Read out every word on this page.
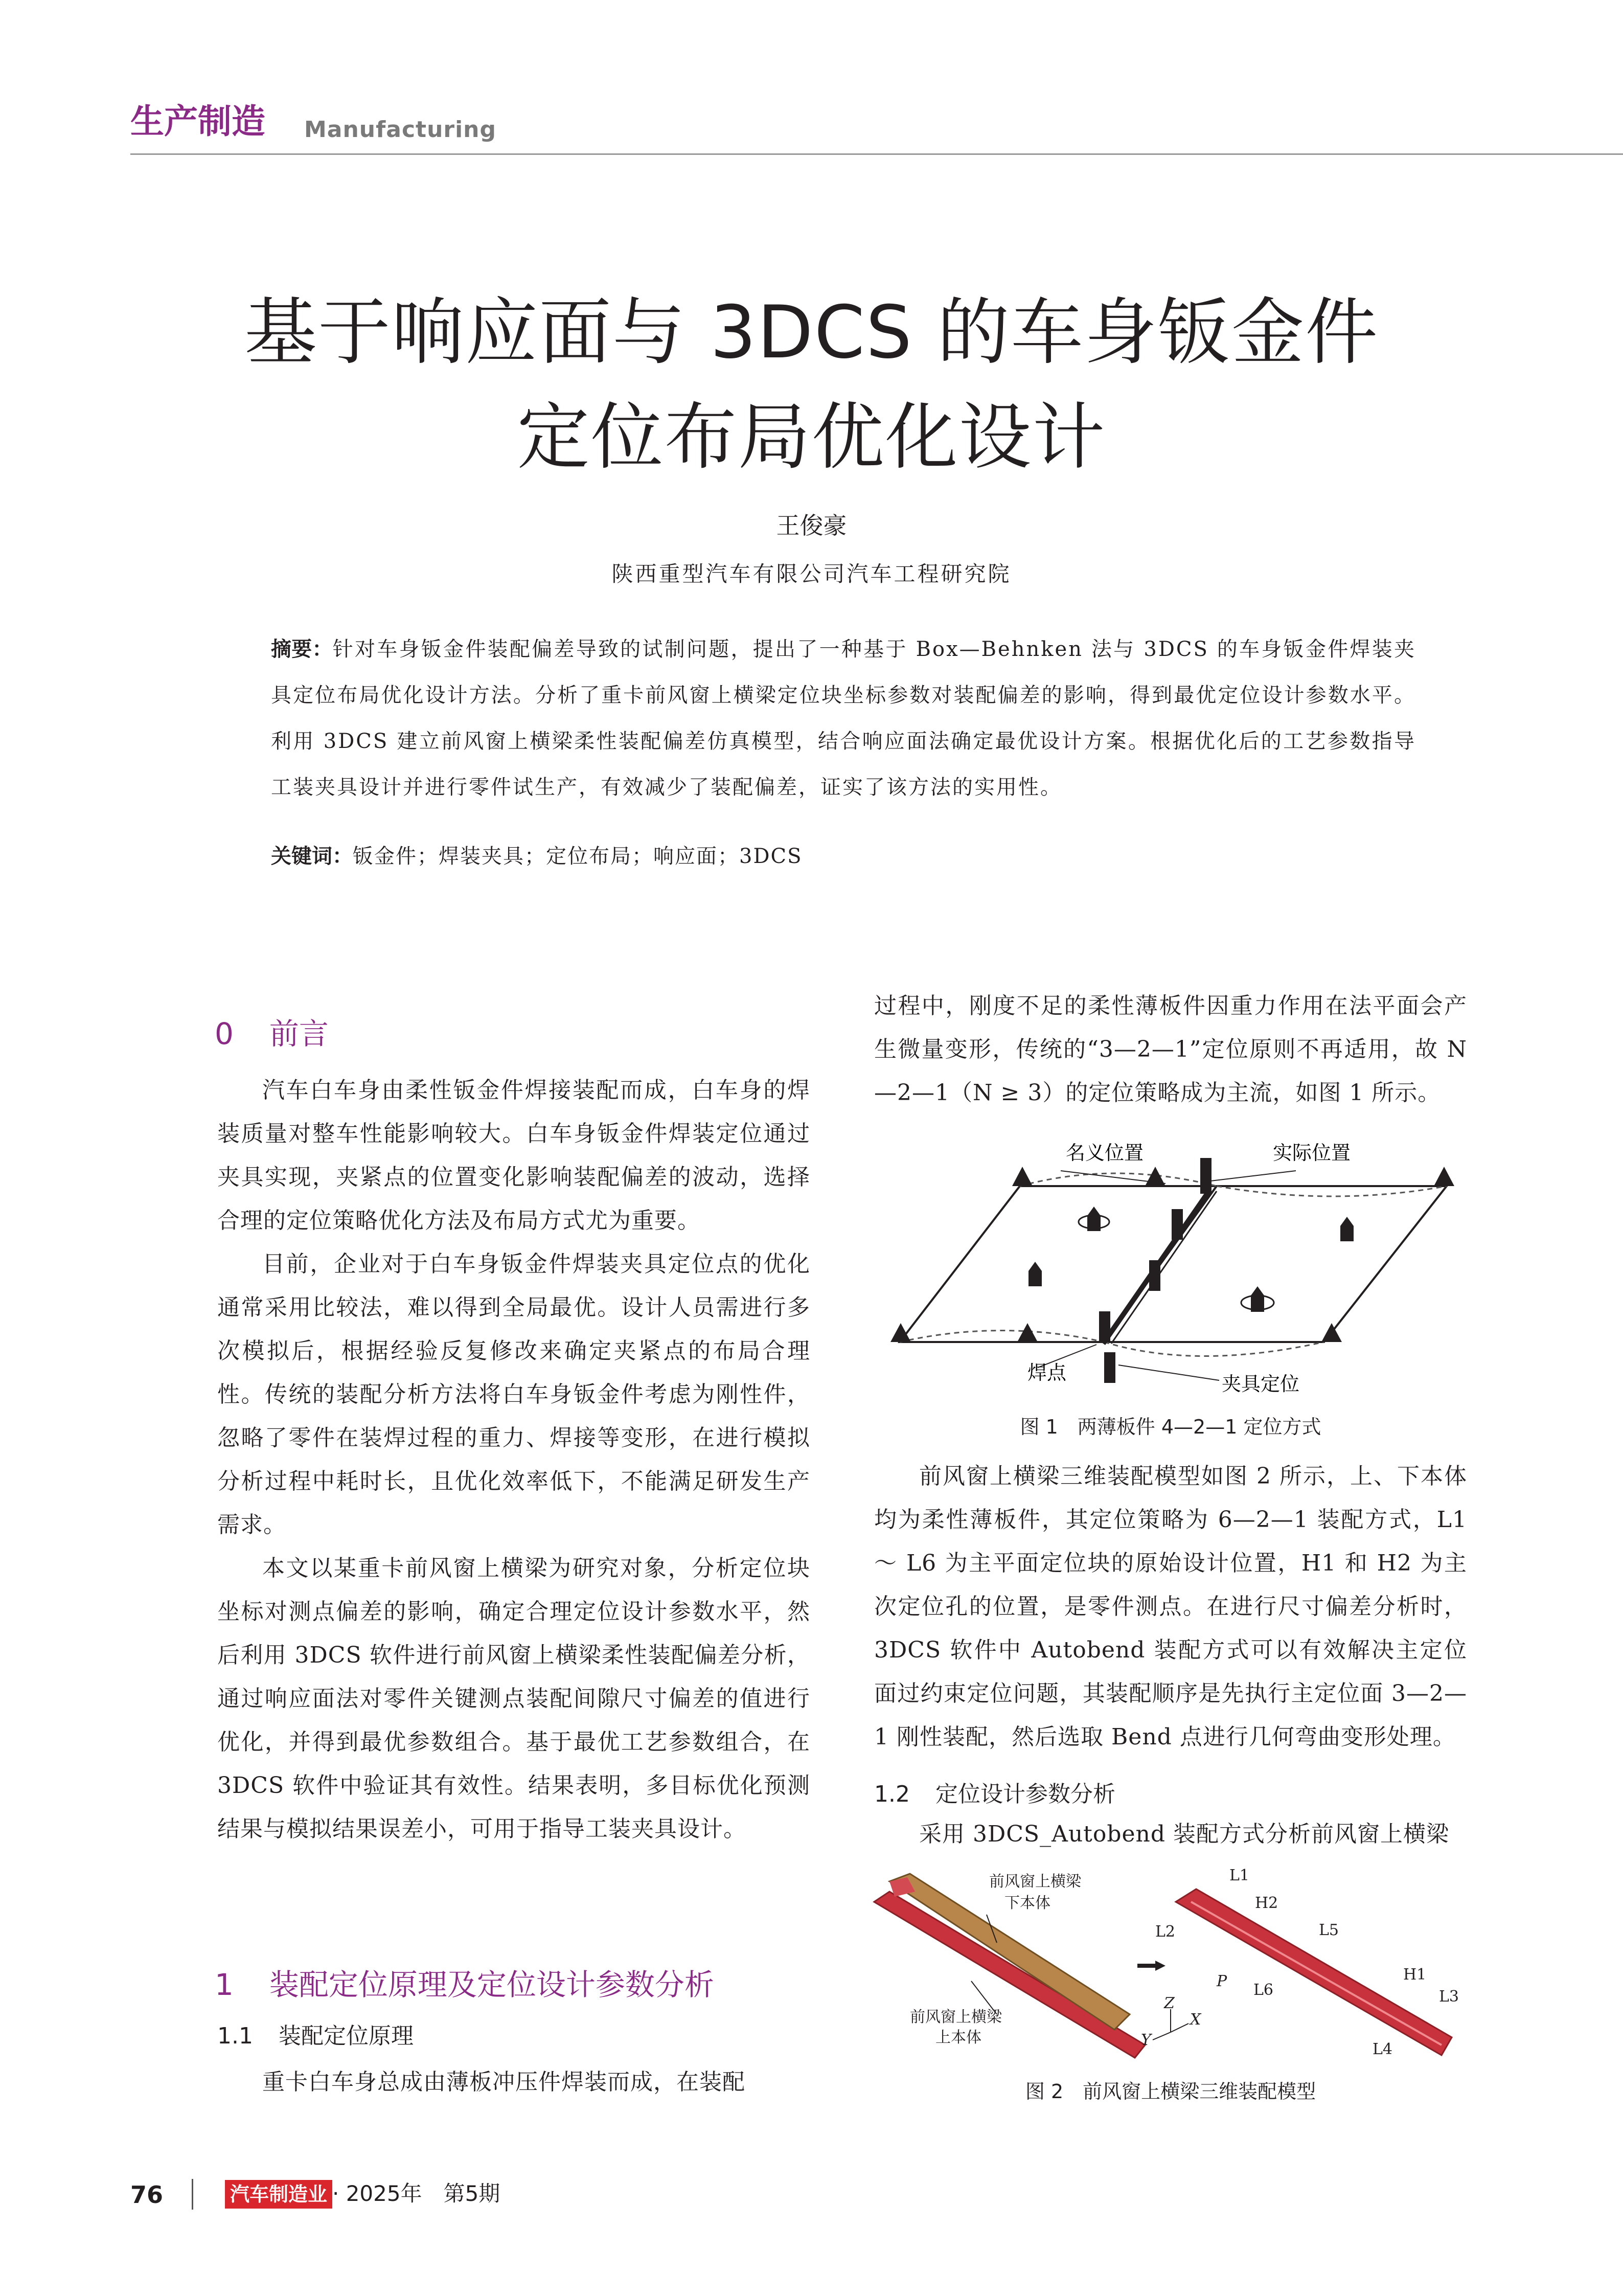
生产制造 Manufacturing
基于响应面与 3DCS 的车身钣金件
定位布局优化设计
王俊豪
陕西重型汽车有限公司汽车工程研究院
摘要：针对车身钣金件装配偏差导致的试制问题，提出了一种基于 Box—Behnken 法与 3DCS 的车身钣金件焊装夹具定位布局优化设计方法。分析了重卡前风窗上横梁定位块坐标参数对装配偏差的影响，得到最优定位设计参数水平。利用 3DCS 建立前风窗上横梁柔性装配偏差仿真模型，结合响应面法确定最优设计方案。根据优化后的工艺参数指导工装夹具设计并进行零件试生产，有效减少了装配偏差，证实了该方法的实用性。
关键词：钣金件；焊装夹具；定位布局；响应面；3DCS
0 前言

汽车白车身由柔性钣金件焊接装配而成，白车身的焊装质量对整车性能影响较大。白车身钣金件焊装定位通过夹具实现，夹紧点的位置变化影响装配偏差的波动，选择合理的定位策略优化方法及布局方式尤为重要。

目前，企业对于白车身钣金件焊装夹具定位点的优化通常采用比较法，难以得到全局最优。设计人员需进行多次模拟后，根据经验反复修改来确定夹紧点的布局合理性。传统的装配分析方法将白车身钣金件考虑为刚性件，忽略了零件在装焊过程的重力、焊接等变形，在进行模拟分析过程中耗时长，且优化效率低下，不能满足研发生产需求。

本文以某重卡前风窗上横梁为研究对象，分析定位块坐标对测点偏差的影响，确定合理定位设计参数水平，然后利用 3DCS 软件进行前风窗上横梁柔性装配偏差分析，通过响应面法对零件关键测点装配间隙尺寸偏差的值进行优化，并得到最优参数组合。基于最优工艺参数组合，在 3DCS 软件中验证其有效性。结果表明，多目标优化预测结果与模拟结果误差小，可用于指导工装夹具设计。

1 装配定位原理及定位设计参数分析
1.1 装配定位原理

重卡白车身总成由薄板冲压件焊装而成，在装配

过程中，刚度不足的柔性薄板件因重力作用在法平面会产生微量变形，传统的“3—2—1”定位原则不再适用，故 N—2—1（N ≥ 3）的定位策略成为主流，如图 1 所示。

名义位置	实际位置
焊点	夹具定位
图 1　两薄板件 4—2—1 定位方式

前风窗上横梁三维装配模型如图 2 所示，上、下本体均为柔性薄板件，其定位策略为 6—2—1 装配方式，L1 ～ L6 为主平面定位块的原始设计位置，H1 和 H2 为主次定位孔的位置，是零件测点。在进行尺寸偏差分析时，3DCS 软件中 Autobend 装配方式可以有效解决主定位面过约束定位问题，其装配顺序是先执行主定位面 3—2—1 刚性装配，然后选取 Bend 点进行几何弯曲变形处理。

1.2 定位设计参数分析

采用 3DCS_Autobend 装配方式分析前风窗上横梁

前风窗上横梁
下本体
前风窗上横梁
上本体
L1
H2
L2	L5
P L6
H1
L3
L4
Z
Y
X
图 2　前风窗上横梁三维装配模型
76	汽车制造业 · 2025年　第5期
